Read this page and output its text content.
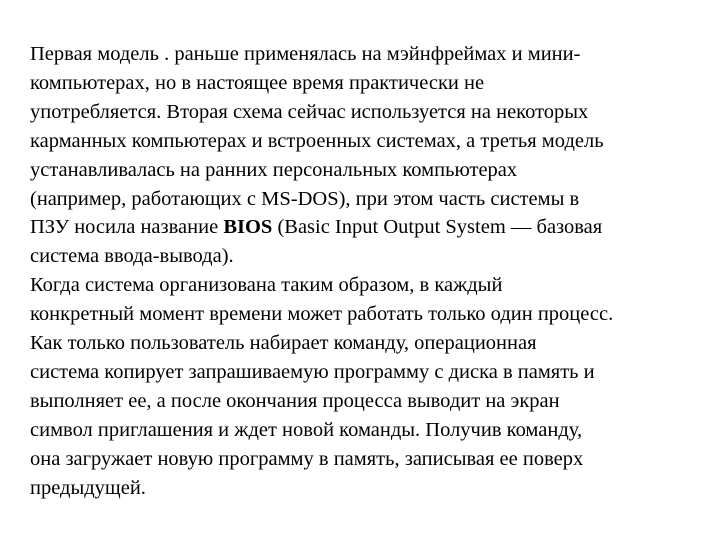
Первая модель . раньше применялась на мэйнфреймах и мини-
компьютерах, но в настоящее время практически не
употребляется. Вторая схема сейчас используется на некоторых
карманных компьютерах и встроенных системах, а третья модель
устанавливалась на ранних персональных компьютерах
(например, работающих с MS-DOS), при этом часть системы в
ПЗУ носила название BIOS (Basic Input Output System — базовая
система ввода-вывода).
Когда система организована таким образом, в каждый
конкретный момент времени может работать только один процесс.
Как только пользователь набирает команду, операционная
система копирует запрашиваемую программу с диска в память и
выполняет ее, а после окончания процесса выводит на экран
символ приглашения и ждет новой команды. Получив команду,
она загружает новую программу в память, записывая ее поверх
предыдущей.
